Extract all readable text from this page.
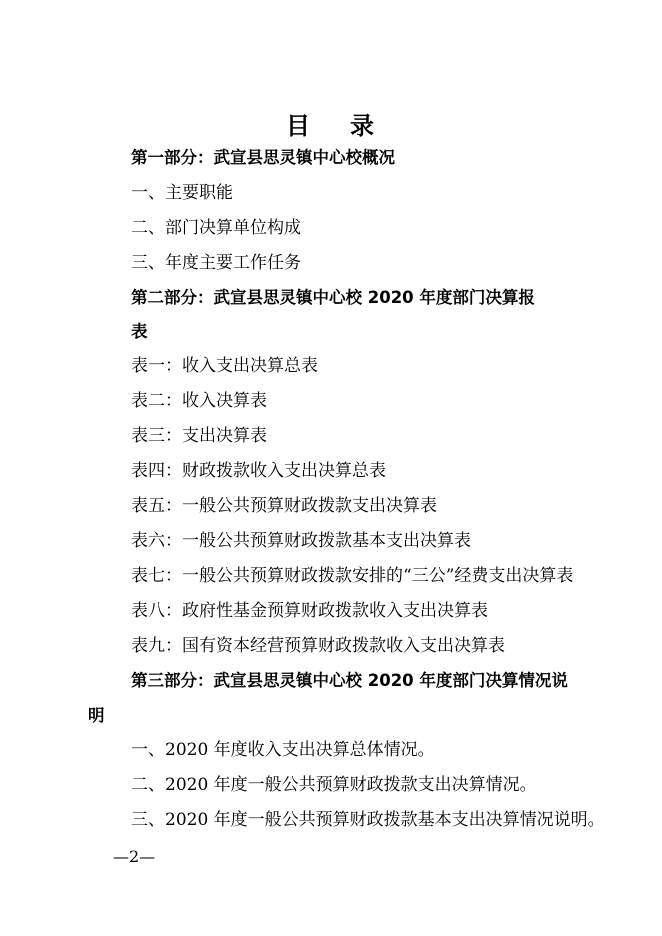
目 录
第一部分：武宣县思灵镇中心校概况
一、主要职能
二、部门决算单位构成
三、年度主要工作任务
第二部分：武宣县思灵镇中心校 2020 年度部门决算报
表
表一：收入支出决算总表
表二：收入决算表
表三：支出决算表
表四：财政拨款收入支出决算总表
表五：一般公共预算财政拨款支出决算表
表六：一般公共预算财政拨款基本支出决算表
表七：一般公共预算财政拨款安排的“三公”经费支出决算表
表八：政府性基金预算财政拨款收入支出决算表
表九：国有资本经营预算财政拨款收入支出决算表
第三部分：武宣县思灵镇中心校 2020 年度部门决算情况说
明
一、2020 年度收入支出决算总体情况。
二、2020 年度一般公共预算财政拨款支出决算情况。
三、2020 年度一般公共预算财政拨款基本支出决算情况说明。
—2—
